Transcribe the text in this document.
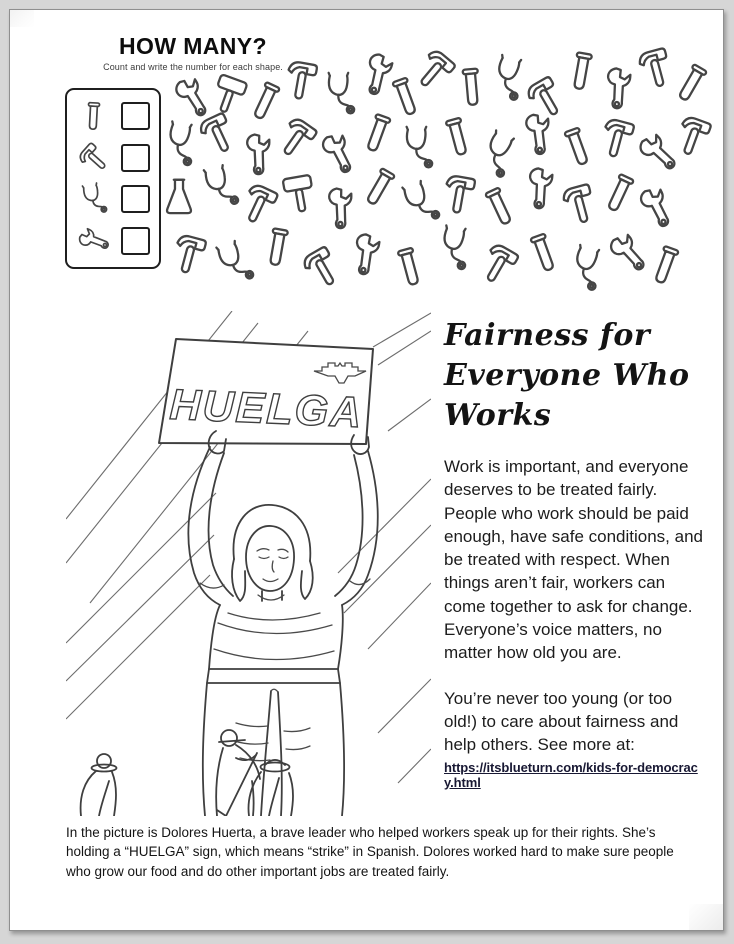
HOW MANY?
Count and write the number for each shape.
HUELGA
Fairness for
Everyone Who
Works
Work is important, and everyone deserves to be treated fairly. People who work should be paid enough, have safe conditions, and be treated with respect. When things aren’t fair, workers can come together to ask for change. Everyone’s voice matters, no matter how old you are.
You’re never too young (or too old!) to care about fairness and help others. See more at:
https://itsblueturn.com/kids-for-democracy.html
In the picture is Dolores Huerta, a brave leader who helped workers speak up for their rights. She’s holding a “HUELGA” sign, which means “strike” in Spanish. Dolores worked hard to make sure people who grow our food and do other important jobs are treated fairly.
